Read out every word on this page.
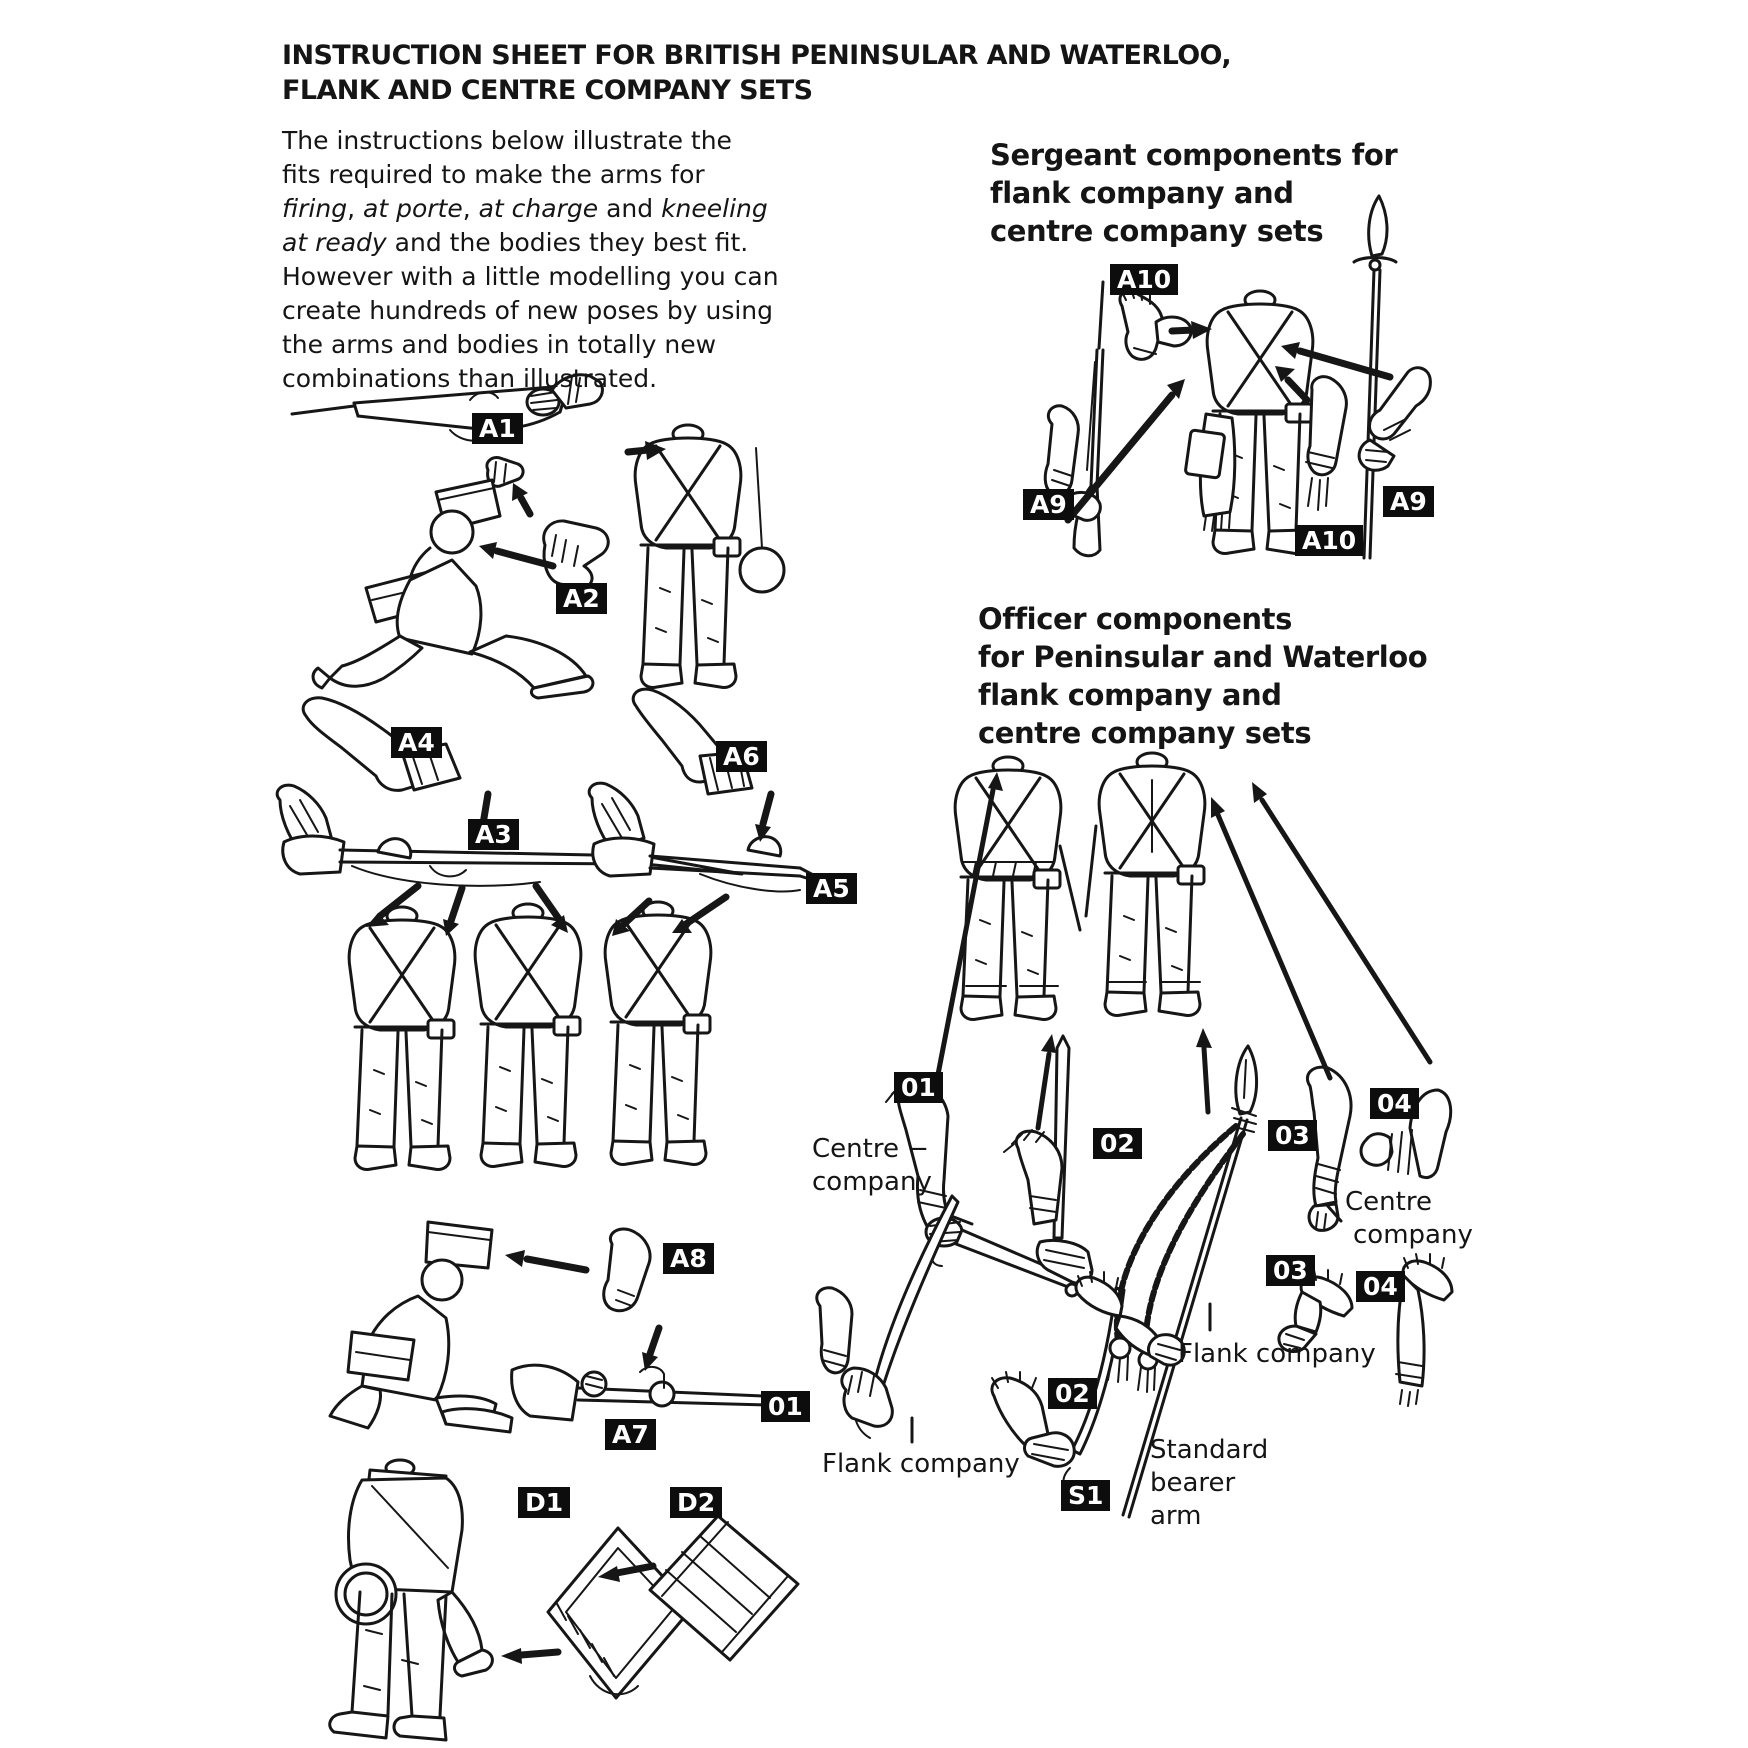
INSTRUCTION SHEET FOR BRITISH PENINSULAR AND WATERLOO,
FLANK AND CENTRE COMPANY SETS
The instructions below illustrate the
fits required to make the arms for
firing, at porte, at charge and kneeling
at ready and the bodies they best fit.
However with a little modelling you can
create hundreds of new poses by using
the arms and bodies in totally new
combinations than illustrated.
Sergeant components for
flank company and
centre company sets
Officer components
for Peninsular and Waterloo
flank company and
centre company sets
A1
A2
A4
A3
A6
A5
A8
A7
D1	D2
A10
A9
A10
A9
01
02	03
04
03
04
01	02
S1
Centre −
company
Centre
company
Flank company
Flank company	Standard
bearer
arm
